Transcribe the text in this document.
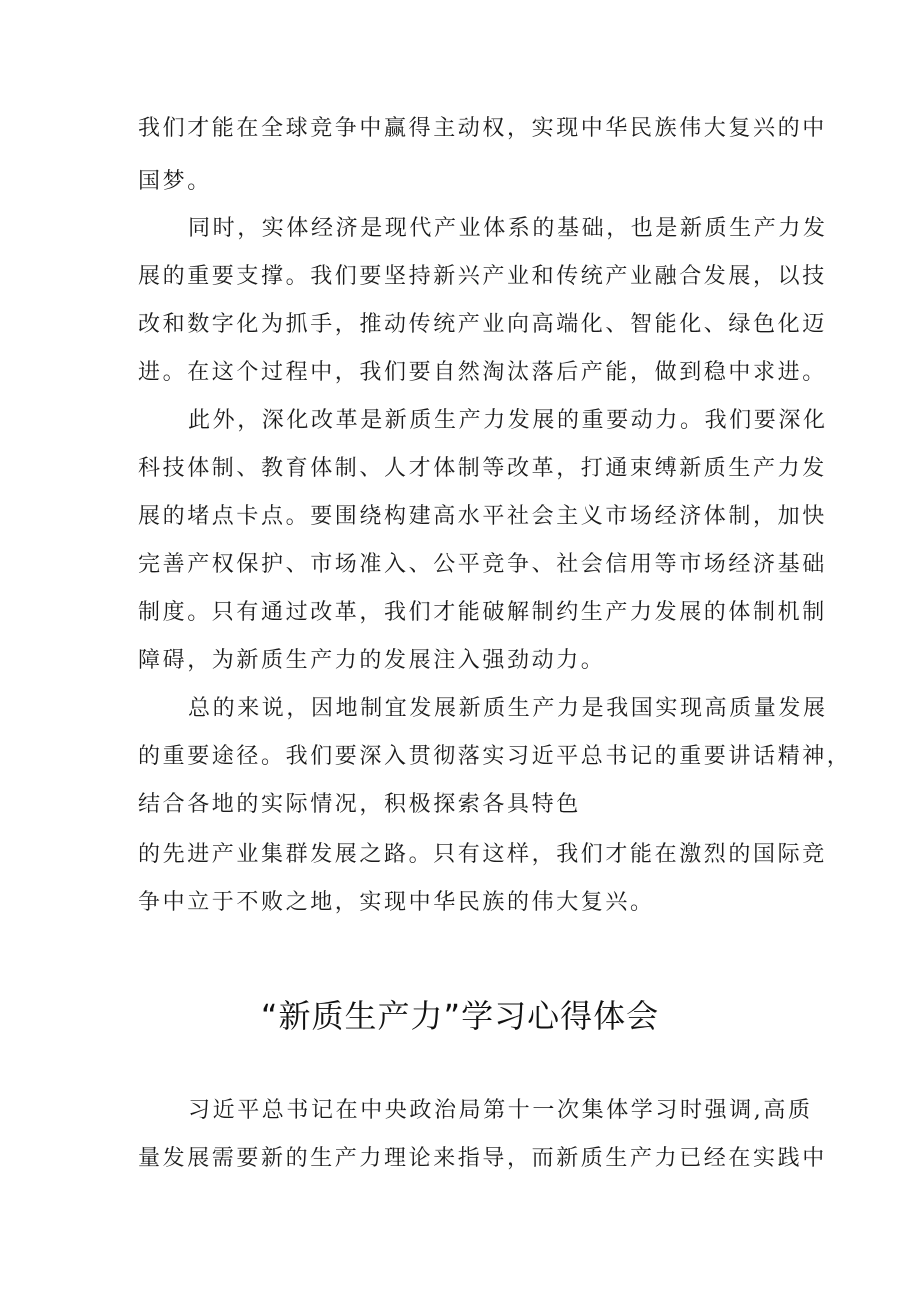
我们才能在全球竞争中赢得主动权，实现中华民族伟大复兴的中
国梦。
同时，实体经济是现代产业体系的基础，也是新质生产力发
展的重要支撑。我们要坚持新兴产业和传统产业融合发展，以技
改和数字化为抓手，推动传统产业向高端化、智能化、绿色化迈
进。在这个过程中，我们要自然淘汰落后产能，做到稳中求进。
此外，深化改革是新质生产力发展的重要动力。我们要深化
科技体制、教育体制、人才体制等改革，打通束缚新质生产力发
展的堵点卡点。要围绕构建高水平社会主义市场经济体制，加快
完善产权保护、市场准入、公平竞争、社会信用等市场经济基础
制度。只有通过改革，我们才能破解制约生产力发展的体制机制
障碍，为新质生产力的发展注入强劲动力。
总的来说，因地制宜发展新质生产力是我国实现高质量发展
的重要途径。我们要深入贯彻落实习近平总书记的重要讲话精神，
结合各地的实际情况，积极探索各具特色
的先进产业集群发展之路。只有这样，我们才能在激烈的国际竞
争中立于不败之地，实现中华民族的伟大复兴。
“新质生产力”学习心得体会
习近平总书记在中央政治局第十一次集体学习时强调,高质
量发展需要新的生产力理论来指导，而新质生产力已经在实践中
